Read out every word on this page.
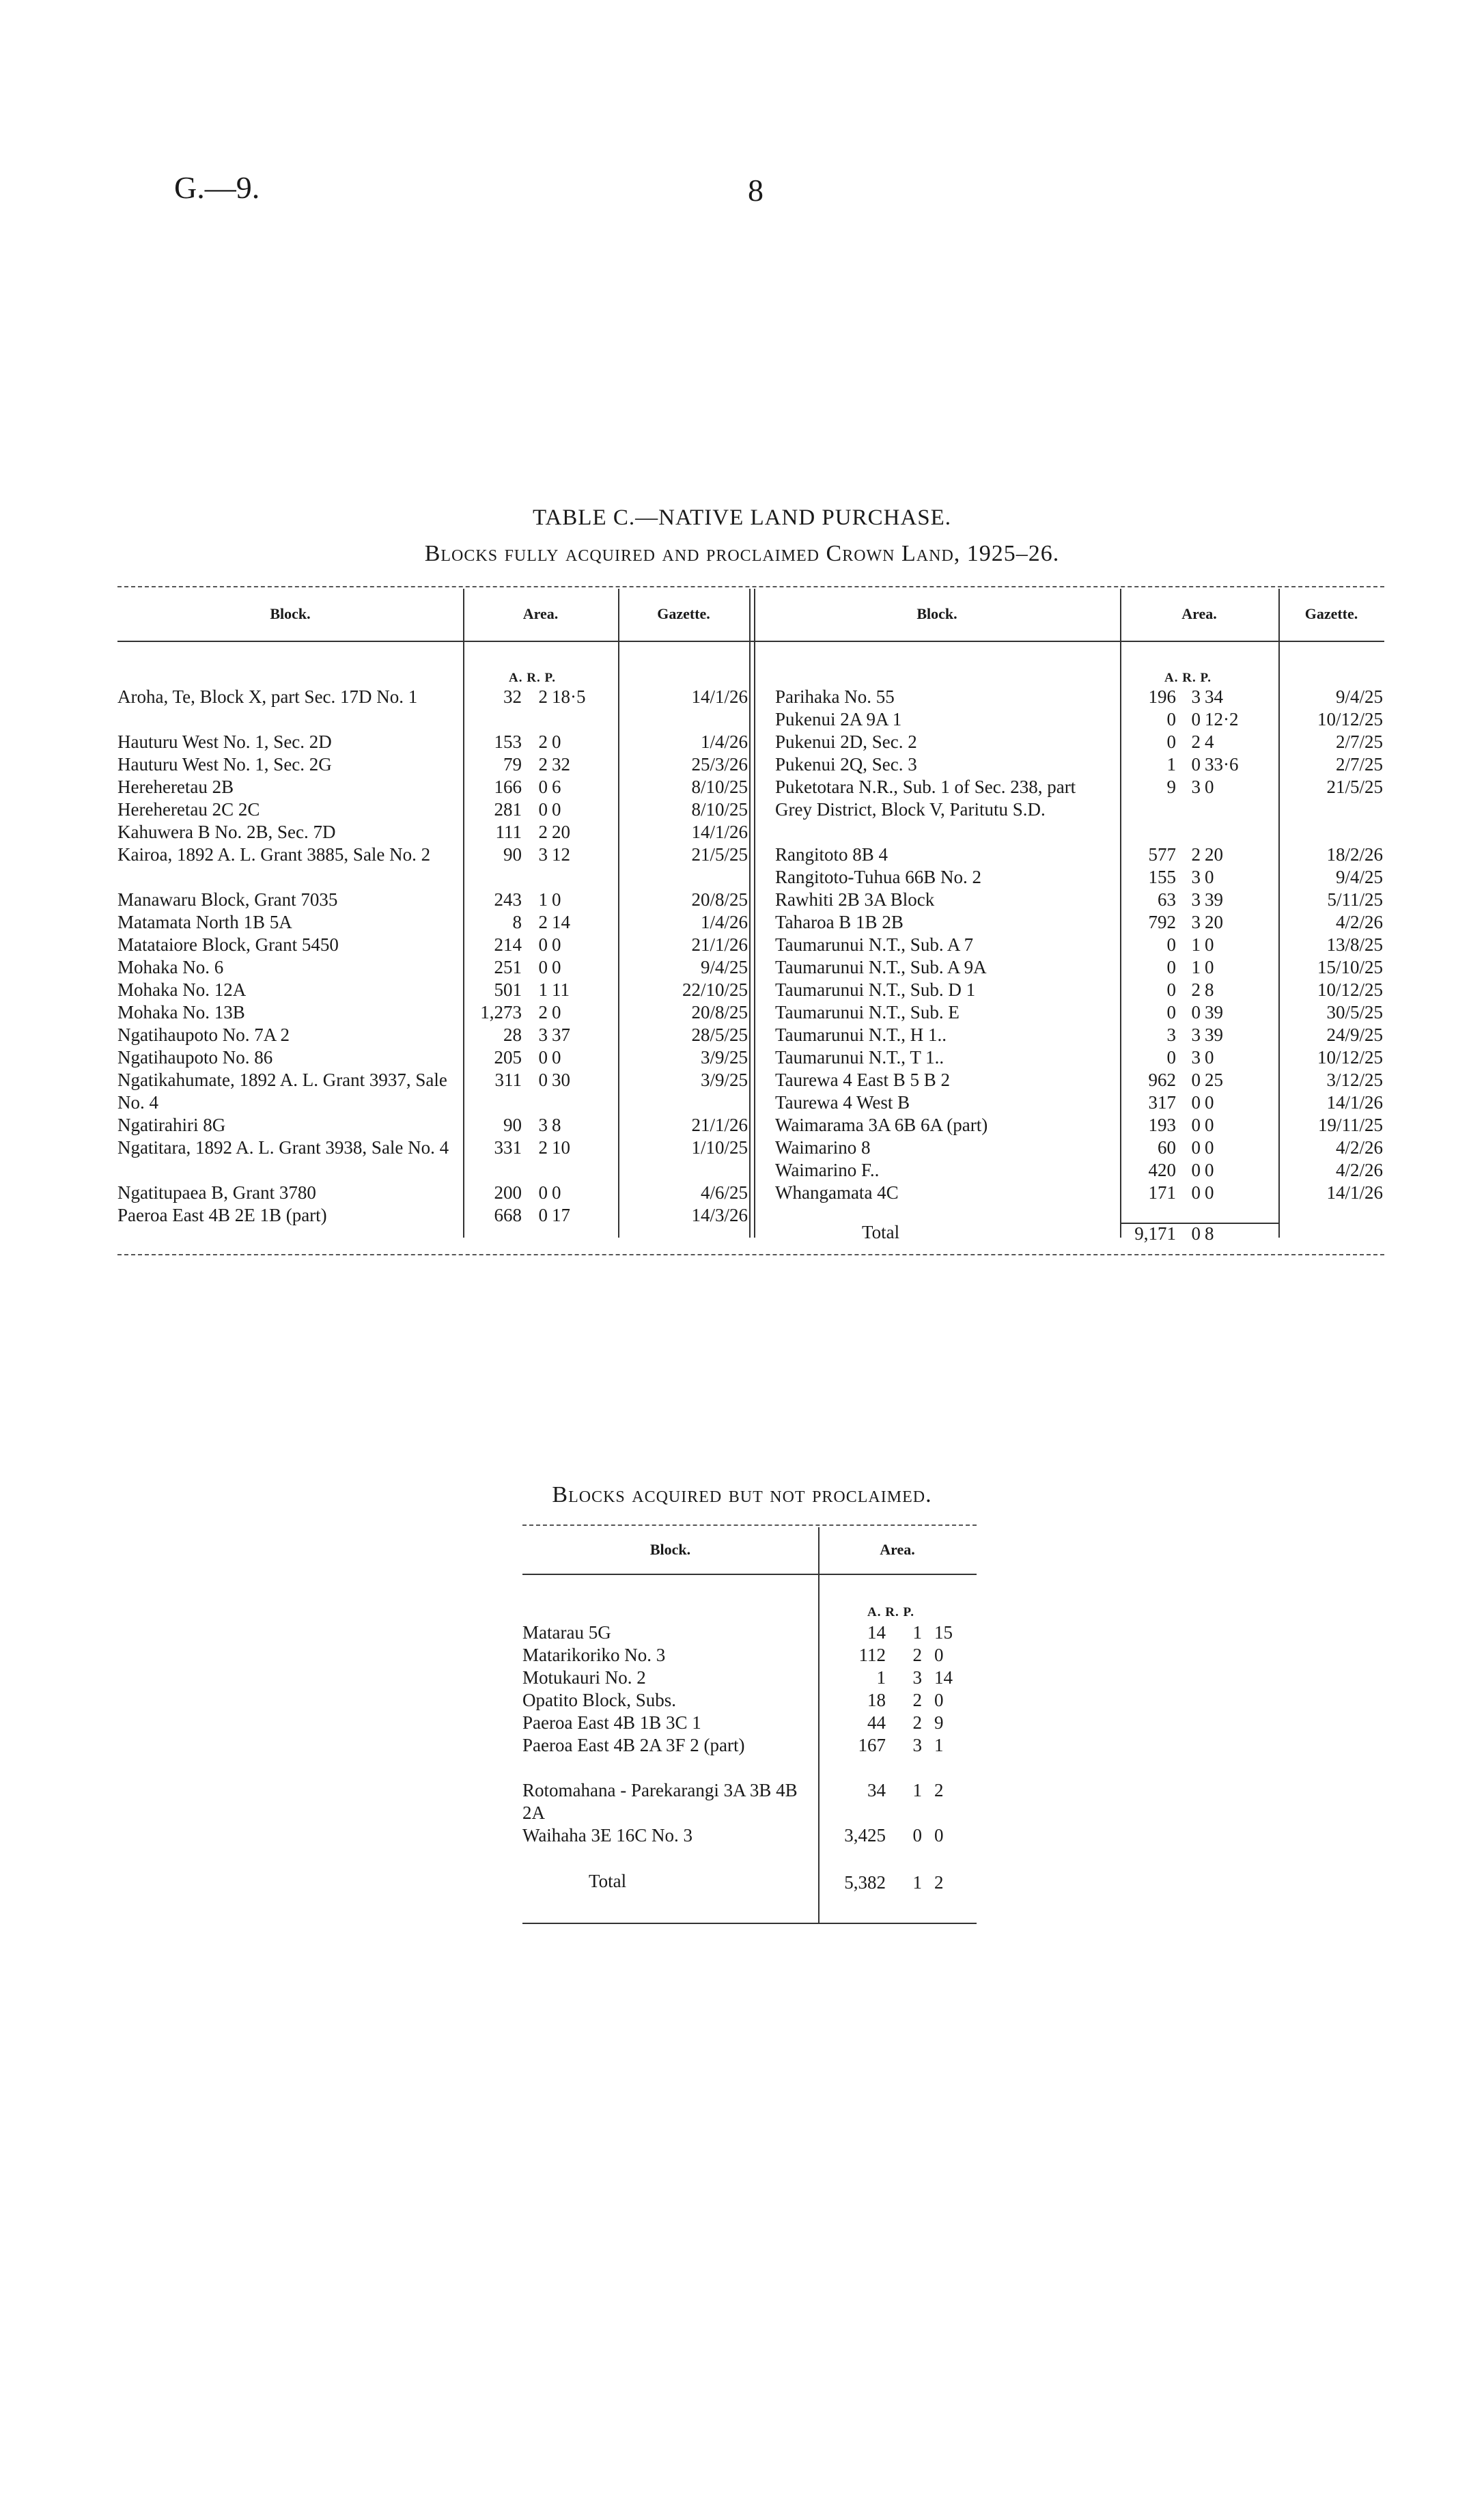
G.—9.	8
TABLE C.—NATIVE LAND PURCHASE.
Blocks fully acquired and proclaimed Crown Land, 1925–26.
Block.	Area.	Gazette.	Block.	Area.	Gazette.
A. R. P.	A. R. P.
Aroha, Te, Block X, part Sec. 17D No. 1	32 2 18·5	14/1/26
Hauturu West No. 1, Sec. 2D	153 2 0	1/4/26
Hauturu West No. 1, Sec. 2G	79 2 32	25/3/26
Hereheretau 2B	166 0 6	8/10/25
Hereheretau 2C 2C	281 0 0	8/10/25
Kahuwera B No. 2B, Sec. 7D	111 2 20	14/1/26
Kairoa, 1892 A. L. Grant 3885, Sale No. 2	90 3 12	21/5/25
Manawaru Block, Grant 7035	243 1 0	20/8/25
Matamata North 1B 5A	8 2 14	1/4/26
Matataiore Block, Grant 5450	214 0 0	21/1/26
Mohaka No. 6	251 0 0	9/4/25
Mohaka No. 12A	501 1 11	22/10/25
Mohaka No. 13B	1,273 2 0	20/8/25
Ngatihaupoto No. 7A 2	28 3 37	28/5/25
Ngatihaupoto No. 86	205 0 0	3/9/25
Ngatikahumate, 1892 A. L. Grant 3937, Sale No. 4
311 0 30	3/9/25
Ngatirahiri 8G	90 3 8	21/1/26
Ngatitara, 1892 A. L. Grant 3938, Sale No. 4	331 2 10	1/10/25
Ngatitupaea B, Grant 3780	200 0 0	4/6/25
Paeroa East 4B 2E 1B (part)	668 0 17	14/3/26
Parihaka No. 55	196 3 34	9/4/25
Pukenui 2A 9A 1	0 0 12·2	10/12/25
Pukenui 2D, Sec. 2	0 2 4	2/7/25
Pukenui 2Q, Sec. 3	1 0 33·6	2/7/25
Puketotara N.R., Sub. 1 of Sec. 238, part Grey District, Block V, Paritutu S.D.
9 3 0	21/5/25
Rangitoto 8B 4	577 2 20	18/2/26
Rangitoto-Tuhua 66B No. 2	155 3 0	9/4/25
Rawhiti 2B 3A Block	63 3 39	5/11/25
Taharoa B 1B 2B	792 3 20	4/2/26
Taumarunui N.T., Sub. A 7	0 1 0	13/8/25
Taumarunui N.T., Sub. A 9A	0 1 0	15/10/25
Taumarunui N.T., Sub. D 1	0 2 8	10/12/25
Taumarunui N.T., Sub. E	0 0 39	30/5/25
Taumarunui N.T., H 1..	3 3 39	24/9/25
Taumarunui N.T., T 1..	0 3 0	10/12/25
Taurewa 4 East B 5 B 2	962 0 25	3/12/25
Taurewa 4 West B	317 0 0	14/1/26
Waimarama 3A 6B 6A (part)	193 0 0	19/11/25
Waimarino 8	60 0 0	4/2/26
Waimarino F..	420 0 0	4/2/26
Whangamata 4C	171 0 0	14/1/26
Total	9,171 0 8
Blocks acquired but not proclaimed.
Block.	Area.
A. R. P.
Matarau 5G	14	1 15
Matarikoriko No. 3	112	2 0
Motukauri No. 2	1	3 14
Opatito Block, Subs.	18	2 0
Paeroa East 4B 1B 3C 1	44	2 9
Paeroa East 4B 2A 3F 2 (part)	167	3 1
Rotomahana - Parekarangi 3A 3B 4B 2A
34	1 2
Waihaha 3E 16C No. 3	3,425	0 0
Total	5,382	1 2
